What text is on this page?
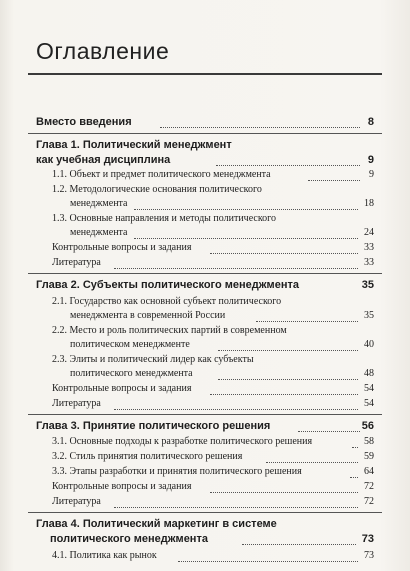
Оглавление
Вместо введения	8
Глава 1. Политический менеджмент
как учебная дисциплина	9
1.1. Объект и предмет политического менеджмента	9
1.2. Методологические основания политического
менеджмента	18
1.3. Основные направления и методы политического
менеджмента	24
Контрольные вопросы и задания	33
Литература	33
Глава 2. Субъекты политического менеджмента	35
2.1. Государство как основной субъект политического
менеджмента в современной России	35
2.2. Место и роль политических партий в современном
политическом менеджменте	40
2.3. Элиты и политический лидер как субъекты
политического менеджмента	48
Контрольные вопросы и задания	54
Литература	54
Глава 3. Принятие политического решения	56
3.1. Основные подходы к разработке политического решения	58
3.2. Стиль принятия политического решения	59
3.3. Этапы разработки и принятия политического решения	64
Контрольные вопросы и задания	72
Литература	72
Глава 4. Политический маркетинг в системе
политического менеджмента	73
4.1. Политика как рынок	73
